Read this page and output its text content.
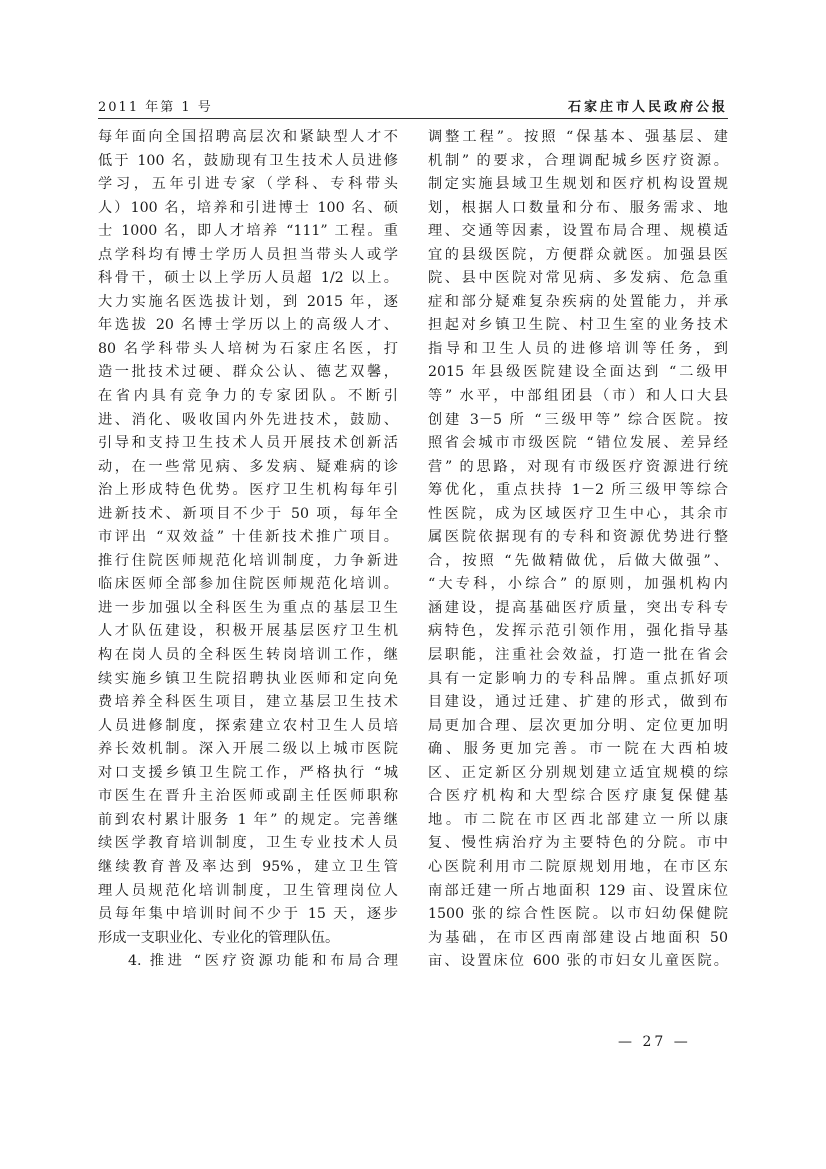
2011 年第 1 号	石家庄市人民政府公报
每年面向全国招聘高层次和紧缺型人才不
低于 100 名，鼓励现有卫生技术人员进修
学习，五年引进专家（学科、专科带头
人）100 名，培养和引进博士 100 名、硕
士 1000 名，即人才培养 “111” 工程。重
点学科均有博士学历人员担当带头人或学
科骨干，硕士以上学历人员超 1/2 以上。
大力实施名医选拔计划，到 2015 年，逐
年选拔 20 名博士学历以上的高级人才、
80 名学科带头人培树为石家庄名医，打
造一批技术过硬、群众公认、德艺双馨，
在省内具有竞争力的专家团队。不断引
进、消化、吸收国内外先进技术，鼓励、
引导和支持卫生技术人员开展技术创新活
动，在一些常见病、多发病、疑难病的诊
治上形成特色优势。医疗卫生机构每年引
进新技术、新项目不少于 50 项，每年全
市评出 “双效益” 十佳新技术推广项目。
推行住院医师规范化培训制度，力争新进
临床医师全部参加住院医师规范化培训。
进一步加强以全科医生为重点的基层卫生
人才队伍建设，积极开展基层医疗卫生机
构在岗人员的全科医生转岗培训工作，继
续实施乡镇卫生院招聘执业医师和定向免
费培养全科医生项目，建立基层卫生技术
人员进修制度，探索建立农村卫生人员培
养长效机制。深入开展二级以上城市医院
对口支援乡镇卫生院工作，严格执行 “城
市医生在晋升主治医师或副主任医师职称
前到农村累计服务 1 年” 的规定。完善继
续医学教育培训制度，卫生专业技术人员
继续教育普及率达到 95%，建立卫生管
理人员规范化培训制度，卫生管理岗位人
员每年集中培训时间不少于 15 天，逐步
形成一支职业化、专业化的管理队伍。
4. 推进 “医疗资源功能和布局合理
调整工程”。按照 “保基本、强基层、建
机制” 的要求，合理调配城乡医疗资源。
制定实施县域卫生规划和医疗机构设置规
划，根据人口数量和分布、服务需求、地
理、交通等因素，设置布局合理、规模适
宜的县级医院，方便群众就医。加强县医
院、县中医院对常见病、多发病、危急重
症和部分疑难复杂疾病的处置能力，并承
担起对乡镇卫生院、村卫生室的业务技术
指导和卫生人员的进修培训等任务，到
2015 年县级医院建设全面达到 “二级甲
等” 水平，中部组团县（市）和人口大县
创建 3－5 所 “三级甲等” 综合医院。按
照省会城市市级医院 “错位发展、差异经
营” 的思路，对现有市级医疗资源进行统
筹优化，重点扶持 1－2 所三级甲等综合
性医院，成为区域医疗卫生中心，其余市
属医院依据现有的专科和资源优势进行整
合，按照 “先做精做优，后做大做强”、
“大专科，小综合” 的原则，加强机构内
涵建设，提高基础医疗质量，突出专科专
病特色，发挥示范引领作用，强化指导基
层职能，注重社会效益，打造一批在省会
具有一定影响力的专科品牌。重点抓好项
目建设，通过迁建、扩建的形式，做到布
局更加合理、层次更加分明、定位更加明
确、服务更加完善。市一院在大西柏坡
区、正定新区分别规划建立适宜规模的综
合医疗机构和大型综合医疗康复保健基
地。市二院在市区西北部建立一所以康
复、慢性病治疗为主要特色的分院。市中
心医院利用市二院原规划用地，在市区东
南部迁建一所占地面积 129 亩、设置床位
1500 张的综合性医院。以市妇幼保健院
为基础，在市区西南部建设占地面积 50
亩、设置床位 600 张的市妇女儿童医院。
— 27 —
